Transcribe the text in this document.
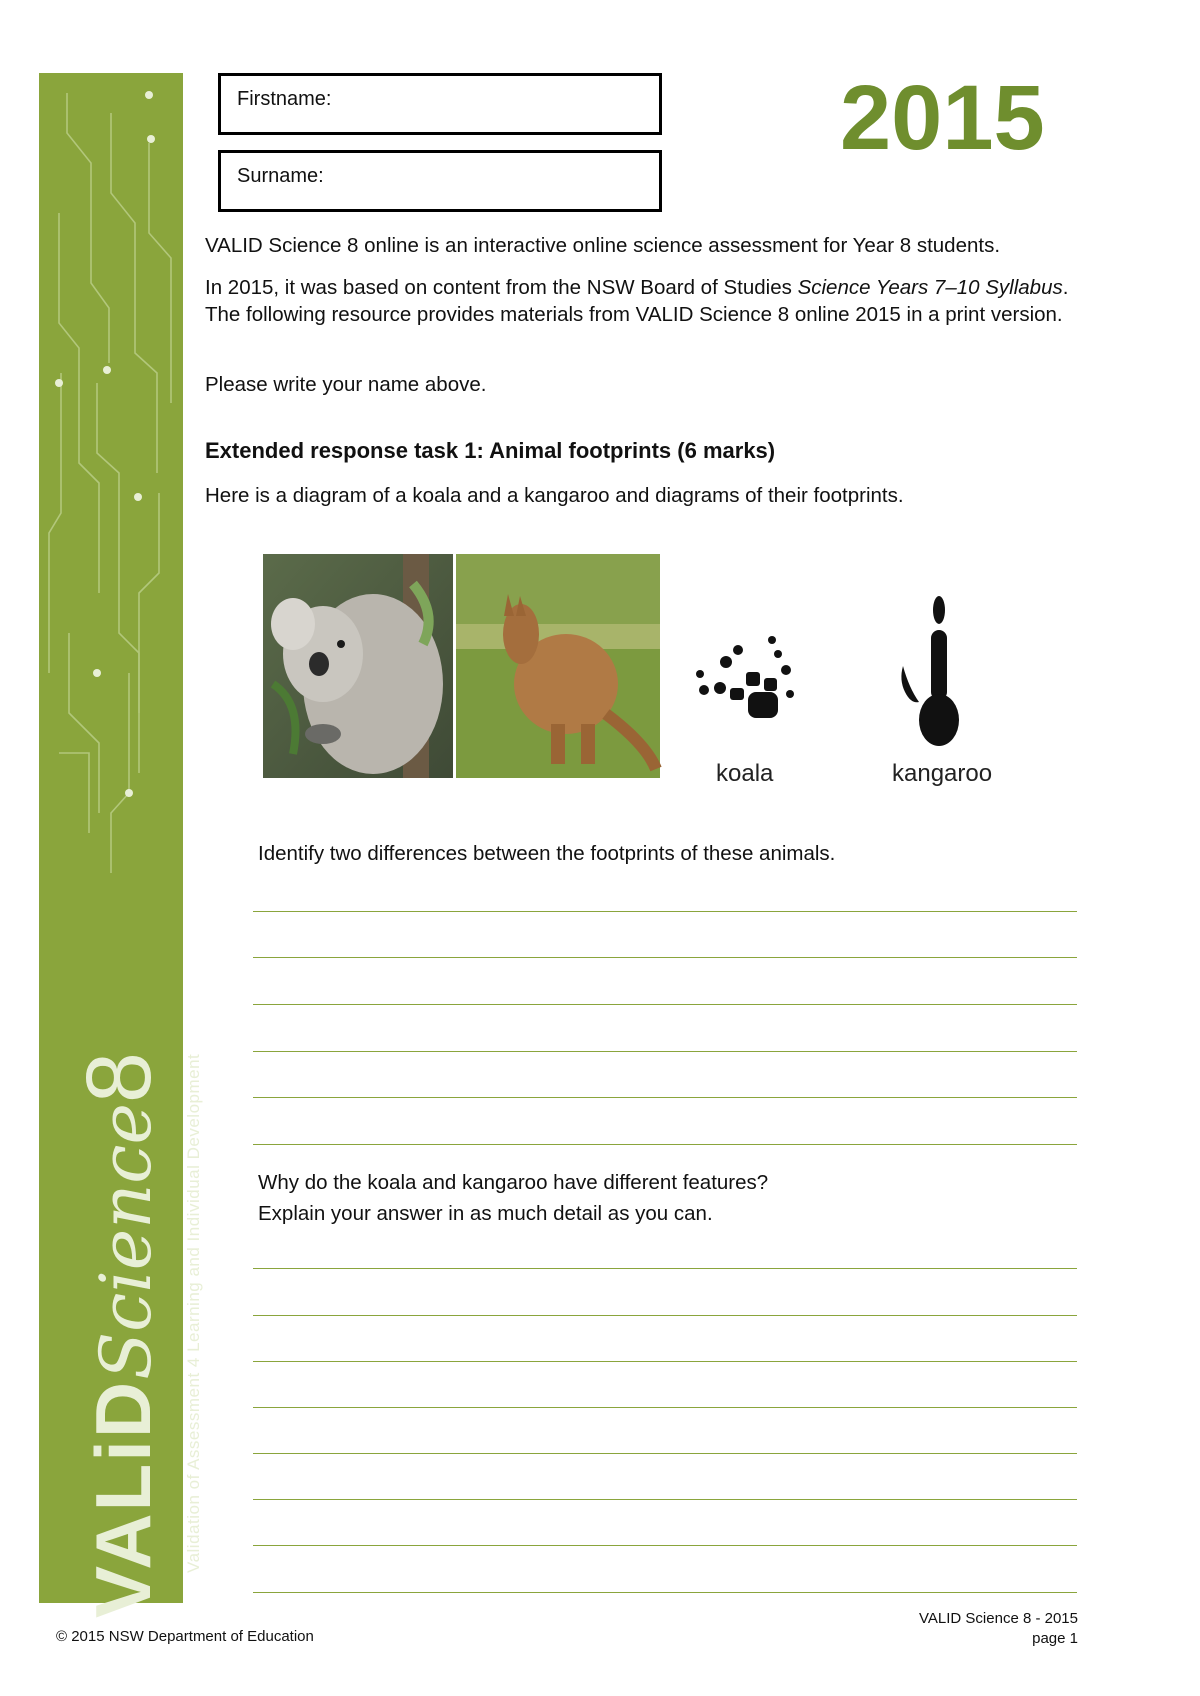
VALiDScience8 Validation of Assessment 4 Learning and Individual Development
Firstname:
Surname:
2015
VALID Science 8 online is an interactive online science assessment for Year 8 students.
In 2015, it was based on content from the NSW Board of Studies Science Years 7–10 Syllabus. The following resource provides materials from VALID Science 8 online 2015 in a print version.
Please write your name above.
Extended response task 1: Animal footprints (6 marks)
Here is a diagram of a koala and a kangaroo and diagrams of their footprints.
koala	kangaroo
Identify two differences between the footprints of these animals.
Why do the koala and kangaroo have different features?
Explain your answer in as much detail as you can.
© 2015 NSW Department of Education
VALID Science 8 - 2015
page 1
